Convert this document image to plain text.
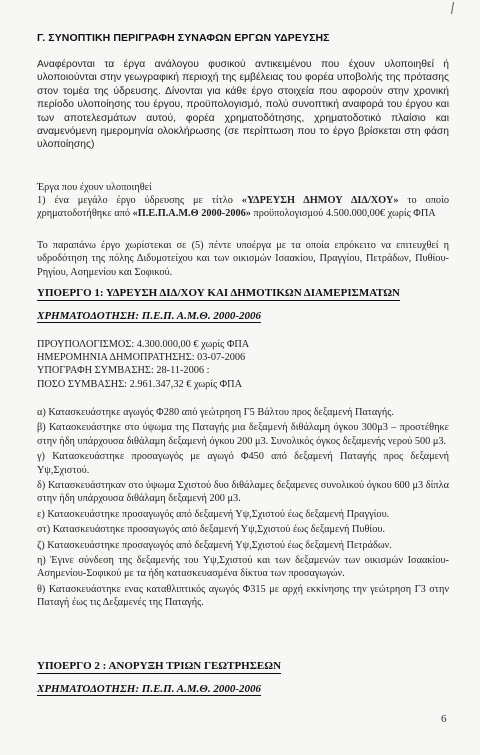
Γ. ΣΥΝΟΠΤΙΚΗ ΠΕΡΙΓΡΑΦΗ ΣΥΝΑΦΩΝ ΕΡΓΩΝ ΥΔΡΕΥΣΗΣ

Αναφέρονται τα έργα ανάλογου φυσικού αντικειμένου που έχουν υλοποιηθεί ή υλοποιούνται στην γεωγραφική περιοχή της εμβέλειας του φορέα υποβολής της πρότασης στον τομέα της ύδρευσης. Δίνονται για κάθε έργο στοιχεία που αφορούν στην χρονική περίοδο υλοποίησης του έργου, προϋπολογισμό, πολύ συνοπτική αναφορά του έργου και των αποτελεσμάτων αυτού, φορέα χρηματοδότησης, χρηματοδοτικό πλαίσιο και αναμενόμενη ημερομηνία ολοκλήρωσης (σε περίπτωση που το έργο βρίσκεται στη φάση υλοποίησης)

Έργα που έχουν υλοποιηθεί

1) ένα μεγάλο έργο ύδρευσης με τίτλο «ΥΔΡΕΥΣΗ ΔΗΜΟΥ ΔΙΔ/ΧΟΥ» το οποίο χρηματοδοτήθηκε από «Π.Ε.Π.Α.Μ.Θ 2000-2006» προϋπολογισμού 4.500.000,00€ χωρίς ΦΠΑ

Το παραπάνω έργο χωρίστεκαι σε (5) πέντε υποέργα με τα οποία επρόκειτο να επιτευχθεί η υδροδότηση της πόλης Διδυμοτείχου και των οικισμών Ισαακίου, Πραγγίου, Πετράδων, Πυθίου-Ρηγίου, Ασημενίου και Σοφικού.

ΥΠΟΕΡΓΟ 1: ΥΔΡΕΥΣΗ ΔΙΔ/ΧΟΥ ΚΑΙ ΔΗΜΟΤΙΚΩΝ ΔΙΑΜΕΡΙΣΜΑΤΩΝ
ΧΡΗΜΑΤΟΔΟΤΗΣΗ: Π.Ε.Π. Α.Μ.Θ. 2000-2006

ΠΡΟΥΠΟΛΟΓΙΣΜΟΣ: 4.300.000,00 € χωρίς ΦΠΑ

ΗΜΕΡΟΜΗΝΙΑ ΔΗΜΟΠΡΑΤΗΣΗΣ: 03-07-2006

ΥΠΟΓΡΑΦΗ ΣΥΜΒΑΣΗΣ: 28-11-2006 :

ΠΟΣΟ ΣΥΜΒΑΣΗΣ: 2.961.347,32 € χωρίς ΦΠΑ

α) Κατασκευάστηκε αγωγός Φ280 από γεώτρηση Γ5 Βάλτου προς δεξαμενή Παταγής.

β) Κατασκευάστηκε στο ύψωμα της Παταγής μια δεξαμενή διθάλαμη όγκου 300μ3 – προστέθηκε στην ήδη υπάρχουσα διθάλαμη δεξαμενή όγκου 200 μ3. Συνολικός όγκος δεξαμενής νερού 500 μ3.

γ) Κατασκευάστηκε προσαγωγός με αγωγό Φ450 από δεξαμενή Παταγής προς δεξαμενή Υψ,Σχιστού.

δ) Κατασκευάστηκαν στο ύψωμα Σχιστού δυο διθάλαμες δεξαμενες συνολικού όγκου 600 μ3 δίπλα στην ήδη υπάρχουσα διθάλαμη δεξαμενή 200 μ3.

ε) Κατασκευάστηκε προσαγωγός από δεξαμενή Υψ,Σχιστού έως δεξαμενή Πραγγίου.

στ) Κατασκευάστηκε προσαγωγός από δεξαμενή Υψ,Σχιστού έως δεξαμενή Πυθίου.

ζ) Κατασκευάστηκε προσαγωγός από δεξαμενή Υψ,Σχιστού έως δεξαμενή Πετράδων.

η) Έγινε σύνδεση της δεξαμενής του Υψ,Σχιστού και των δεξαμενών των οικισμών Ισαακίου-Ασημενίου-Σοφικού με τα ήδη κατασκευασμένα δίκτυα των προσαγωγών.

θ) Κατασκευάστηκε ενας καταθλιπτικός αγωγός Φ315 με αρχή εκκίνησης την γεώτρηση Γ3 στην Παταγή έως τις Δεξαμενές της Παταγής.

ΥΠΟΕΡΓΟ 2 : ΑΝΟΡΥΞΗ ΤΡΙΩΝ ΓΕΩΤΡΗΣΕΩΝ
ΧΡΗΜΑΤΟΔΟΤΗΣΗ: Π.Ε.Π. Α.Μ.Θ. 2000-2006
6
